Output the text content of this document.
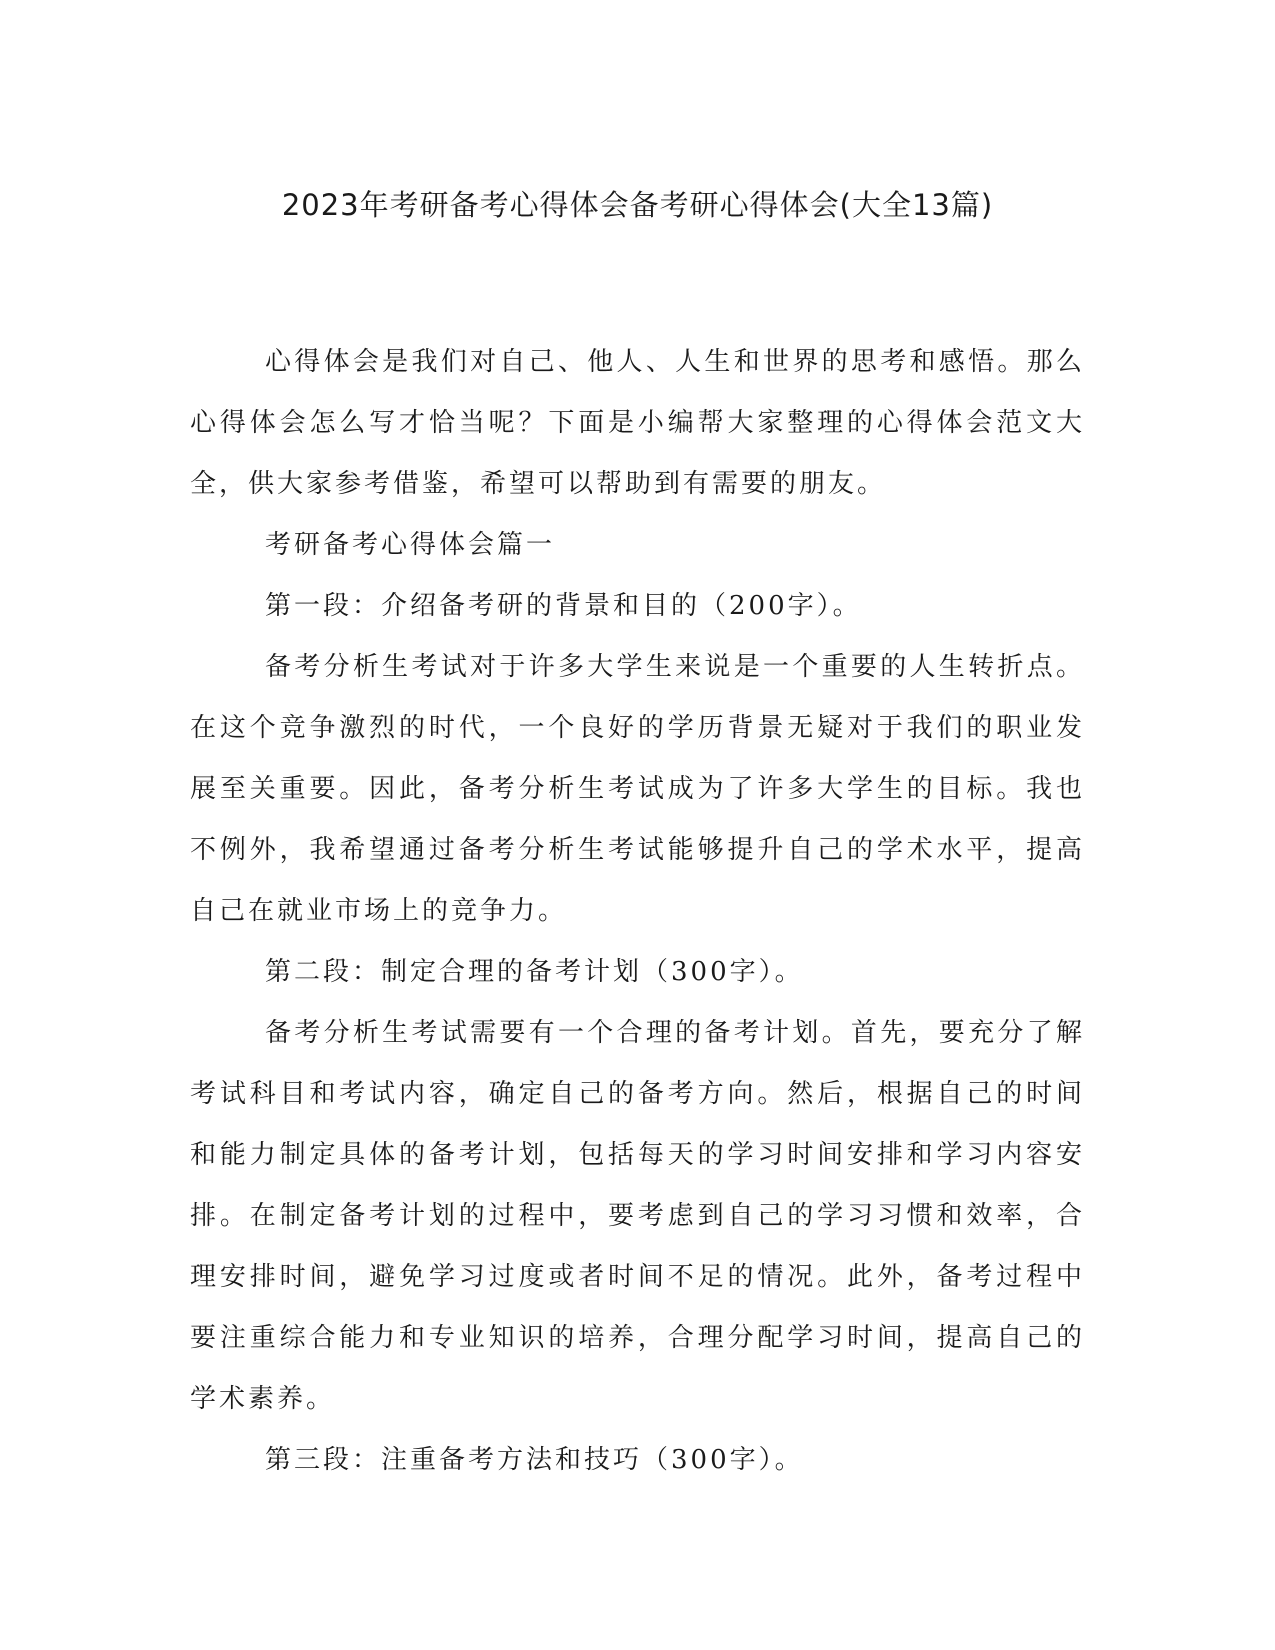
2023年考研备考心得体会备考研心得体会(大全13篇)

心得体会是我们对自己、他人、人生和世界的思考和感悟。那么心得体会怎么写才恰当呢？下面是小编帮大家整理的心得体会范文大全，供大家参考借鉴，希望可以帮助到有需要的朋友。

考研备考心得体会篇一

第一段：介绍备考研的背景和目的（200字）。

备考分析生考试对于许多大学生来说是一个重要的人生转折点。在这个竞争激烈的时代，一个良好的学历背景无疑对于我们的职业发展至关重要。因此，备考分析生考试成为了许多大学生的目标。我也不例外，我希望通过备考分析生考试能够提升自己的学术水平，提高自己在就业市场上的竞争力。

第二段：制定合理的备考计划（300字）。

备考分析生考试需要有一个合理的备考计划。首先，要充分了解考试科目和考试内容，确定自己的备考方向。然后，根据自己的时间和能力制定具体的备考计划，包括每天的学习时间安排和学习内容安排。在制定备考计划的过程中，要考虑到自己的学习习惯和效率，合理安排时间，避免学习过度或者时间不足的情况。此外，备考过程中要注重综合能力和专业知识的培养，合理分配学习时间，提高自己的学术素养。

第三段：注重备考方法和技巧（300字）。
